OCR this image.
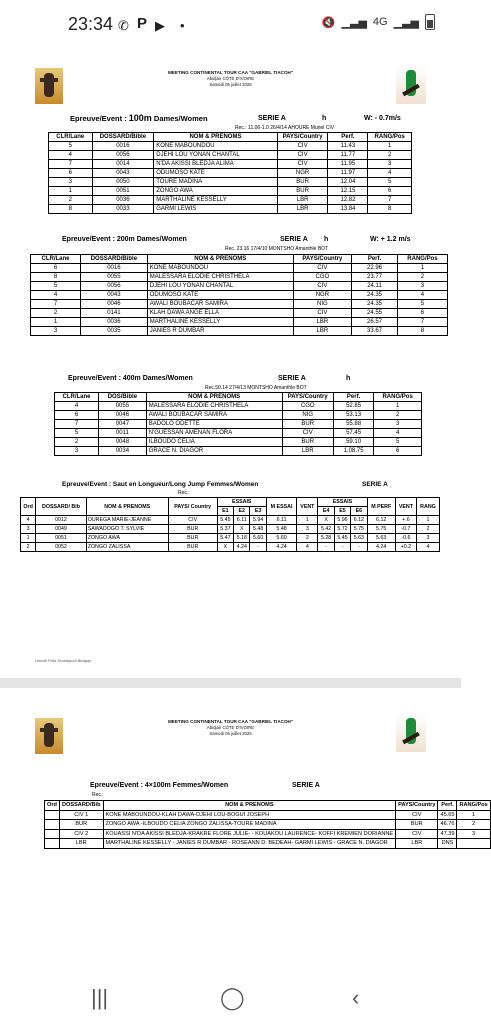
23:34 ✆ P ▶ •	🔇 ▁▃▅ 4G ▁▃▅
MEETING CONTINENTAL TOUR CAA "GABRIEL TIACOH"
Abidjan CÔTE D'IVOIRE
Samedi 05 juillet 2025
Epreuve/Event : 100m Dames/Women	SERIE A	h	W: - 0.7m/s
Rec.: 11.06-1.0 26/4/14 AHOURE Muriel CIV
CLR/Lane	DOSSARD/Bible	NOM & PRENOMS	PAYS/Country	Perf.	RANG/Pos
5	0016	KONE MABOUNDOU	CIV	11.43	1
4	0056	DJEHI LOU YONAN CHANTAL	CIV	11.77	2
7	0014	N'DA AKISSI BLEDJA ALIMA	CIV	11.95	3
6	0043	ODUMOSO KATE	NGR	11.97	4
3	0050	TOURE MADINA	BUR	12.04	5
1	0051	ZONGO AWA	BUR	12.15	6
2	0036	MARTHALINE KESSELLY	LBR	12.82	7
8	0033	GARMI LEWIS	LBR	13.84	8
Epreuve/Event : 200m Dames/Women	SERIE A h	W: + 1.2 m/s
Rec. 23.16 17/4/10 MONTSHO Amanthle BOT
CLR/Lane	DOSSARD/Bible	NOM & PRENOMS	PAYS/Country	Perf.	RANG/Pos
6	0016	KONE MABOUNDOU	CIV	22.96	1
8	0055	MALESSARA ELODIE CHRISTHELA	CGO	23.77	2
5	0056	DJEHI LOU YONAN CHANTAL	CIV	24.11	3
4	0043	ODUMOSO KATE	NGR	24.35	4
7	0046	AWALI BOUBACAR SAMIRA	NIG	24.35	5
2	0141	KLAH DAWA ANGE ELLA	CIV	24.55	6
1	0036	MARTHALINE KESSELLY	LBR	26.57	7
3	0035	JANIES R DUMBAR	LBR	33.67	8
Epreuve/Event : 400m Dames/Women	SERIE A	h
Rec.50.14 27/4/13 MONTSHO Amanthle BOT
CLR/Lane	DOS/Bible	NOM & PRENOMS	PAYS/Country	Perf.	RANG/Pos
4	0055	MALESSARA ELODIE CHRISTHELA	CGO	52.85	1
6	0046	AWALI BOUBACAR SAMIRA	NIG	53.13	2
7	0047	BADOLO ODETTE	BUR	55.88	3
5	0011	N'GUESSAN AMENAN FLORA	CIV	57.45	4
2	0048	ILBOUDO CELIA	BUR	59.10	5
3	0034	GRACE N. DIAGOR	LBR	1.08.75	6
Epreuve/Event : Saut en Longueur/Long Jump Femmes/Women	SERIE A
Rec.:
Ord	DOSSARD/ Bib	NOM & PRENOMS	PAYS/ Country	ESSAIS			M ESSAI	VENT	ESSAIS			M PERF	VENT	RANG
				E1	E2	E3			E4	E5	E6			
4	0012	OUREGA MARIE-JEANNE	CIV	5.45	6.11	5.94	6.11	1	X	5.96	6.12	6.12	+.6	1
3	0049	SAWADOGO T. SYLVIE	BUR	5.37	X	5.48	5.48	3	5.42	5.72	5.75	5.75	-0.7	2
1	0051	ZONGO AWA	BUR	5.47	5.18	5.60	5.60	2	5.28	5.45	5.63	5.63	-0.6	3
2	0052	ZONGO ZALISSA	BUR	X	4.24	-	4.24	4	-	-	-	4.24	+0.2	4
Houdé Félix Hounkponi Bongay
MEETING CONTINENTAL TOUR CAA "GABRIEL TIACOH"
Abidjan CÔTE D'IVOIRE
Samedi 05 juillet 2025
Epreuve/Event : 4×100m Femmes/Women	SERIE A
Rec.:
Ord	DOSSARD/Bib	NOM & PRENOMS	PAYS/Country	Perf.	RANG/Pos
	CIV 1	KONE MABOUNDOU-KLAH DAWA-DJEHI LOU-BOGUI JOSEPH	CIV	45.65	1
	BUR	ZONGO AWA -ILBOUDO CELIA ZONGO ZALISSA-TOURE MADINA	BUR	46.76	2
	CIV 2	KOUASSI N'DA AKISSI BLEDJA-KRAKRE FLORE JULIE- - KOUAKOU LAURENCE- KOFFI KREMIEN DORIANNE	CIV	47.39	3
	LBR	MARTHALINE KESSELLY - JANIES R DUMBAR - ROSEANN D. BEDEAH- GARMI LEWIS - GRACE N. DIAGOR	LBR	DNS	
|||	◯	‹
